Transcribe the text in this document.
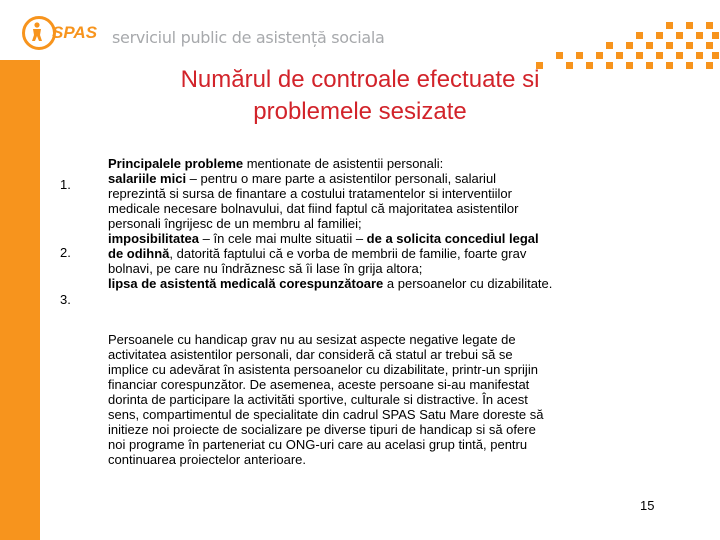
SPAS serviciul public de asistență sociala
Numărul de controale efectuate si
problemele sesizate
1.
2.
3.
Principalele probleme mentionate de asistentii personali:
salariile mici – pentru o mare parte a asistentilor personali, salariul
reprezintă si sursa de finantare a costului tratamentelor si interventiilor
medicale necesare bolnavului, dat fiind faptul că majoritatea asistentilor
personali îngrijesc de un membru al familiei;
imposibilitatea – în cele mai multe situatii – de a solicita concediul legal
de odihnă, datorită faptului că e vorba de membrii de familie, foarte grav
bolnavi, pe care nu îndrăznesc să îi lase în grija altora;
lipsa de asistentă medicală corespunzătoare a persoanelor cu dizabilitate.
Persoanele cu handicap grav nu au sesizat aspecte negative legate de
activitatea asistentilor personali, dar consideră că statul ar trebui să se
implice cu adevărat în asistenta persoanelor cu dizabilitate, printr-un sprijin
financiar corespunzător. De asemenea, aceste persoane si-au manifestat
dorinta de participare la activităti sportive, culturale si distractive. În acest
sens, compartimentul de specialitate din cadrul SPAS Satu Mare doreste să
initieze noi proiecte de socializare pe diverse tipuri de handicap si să ofere
noi programe în parteneriat cu ONG-uri care au acelasi grup tintă, pentru
continuarea proiectelor anterioare.
15
